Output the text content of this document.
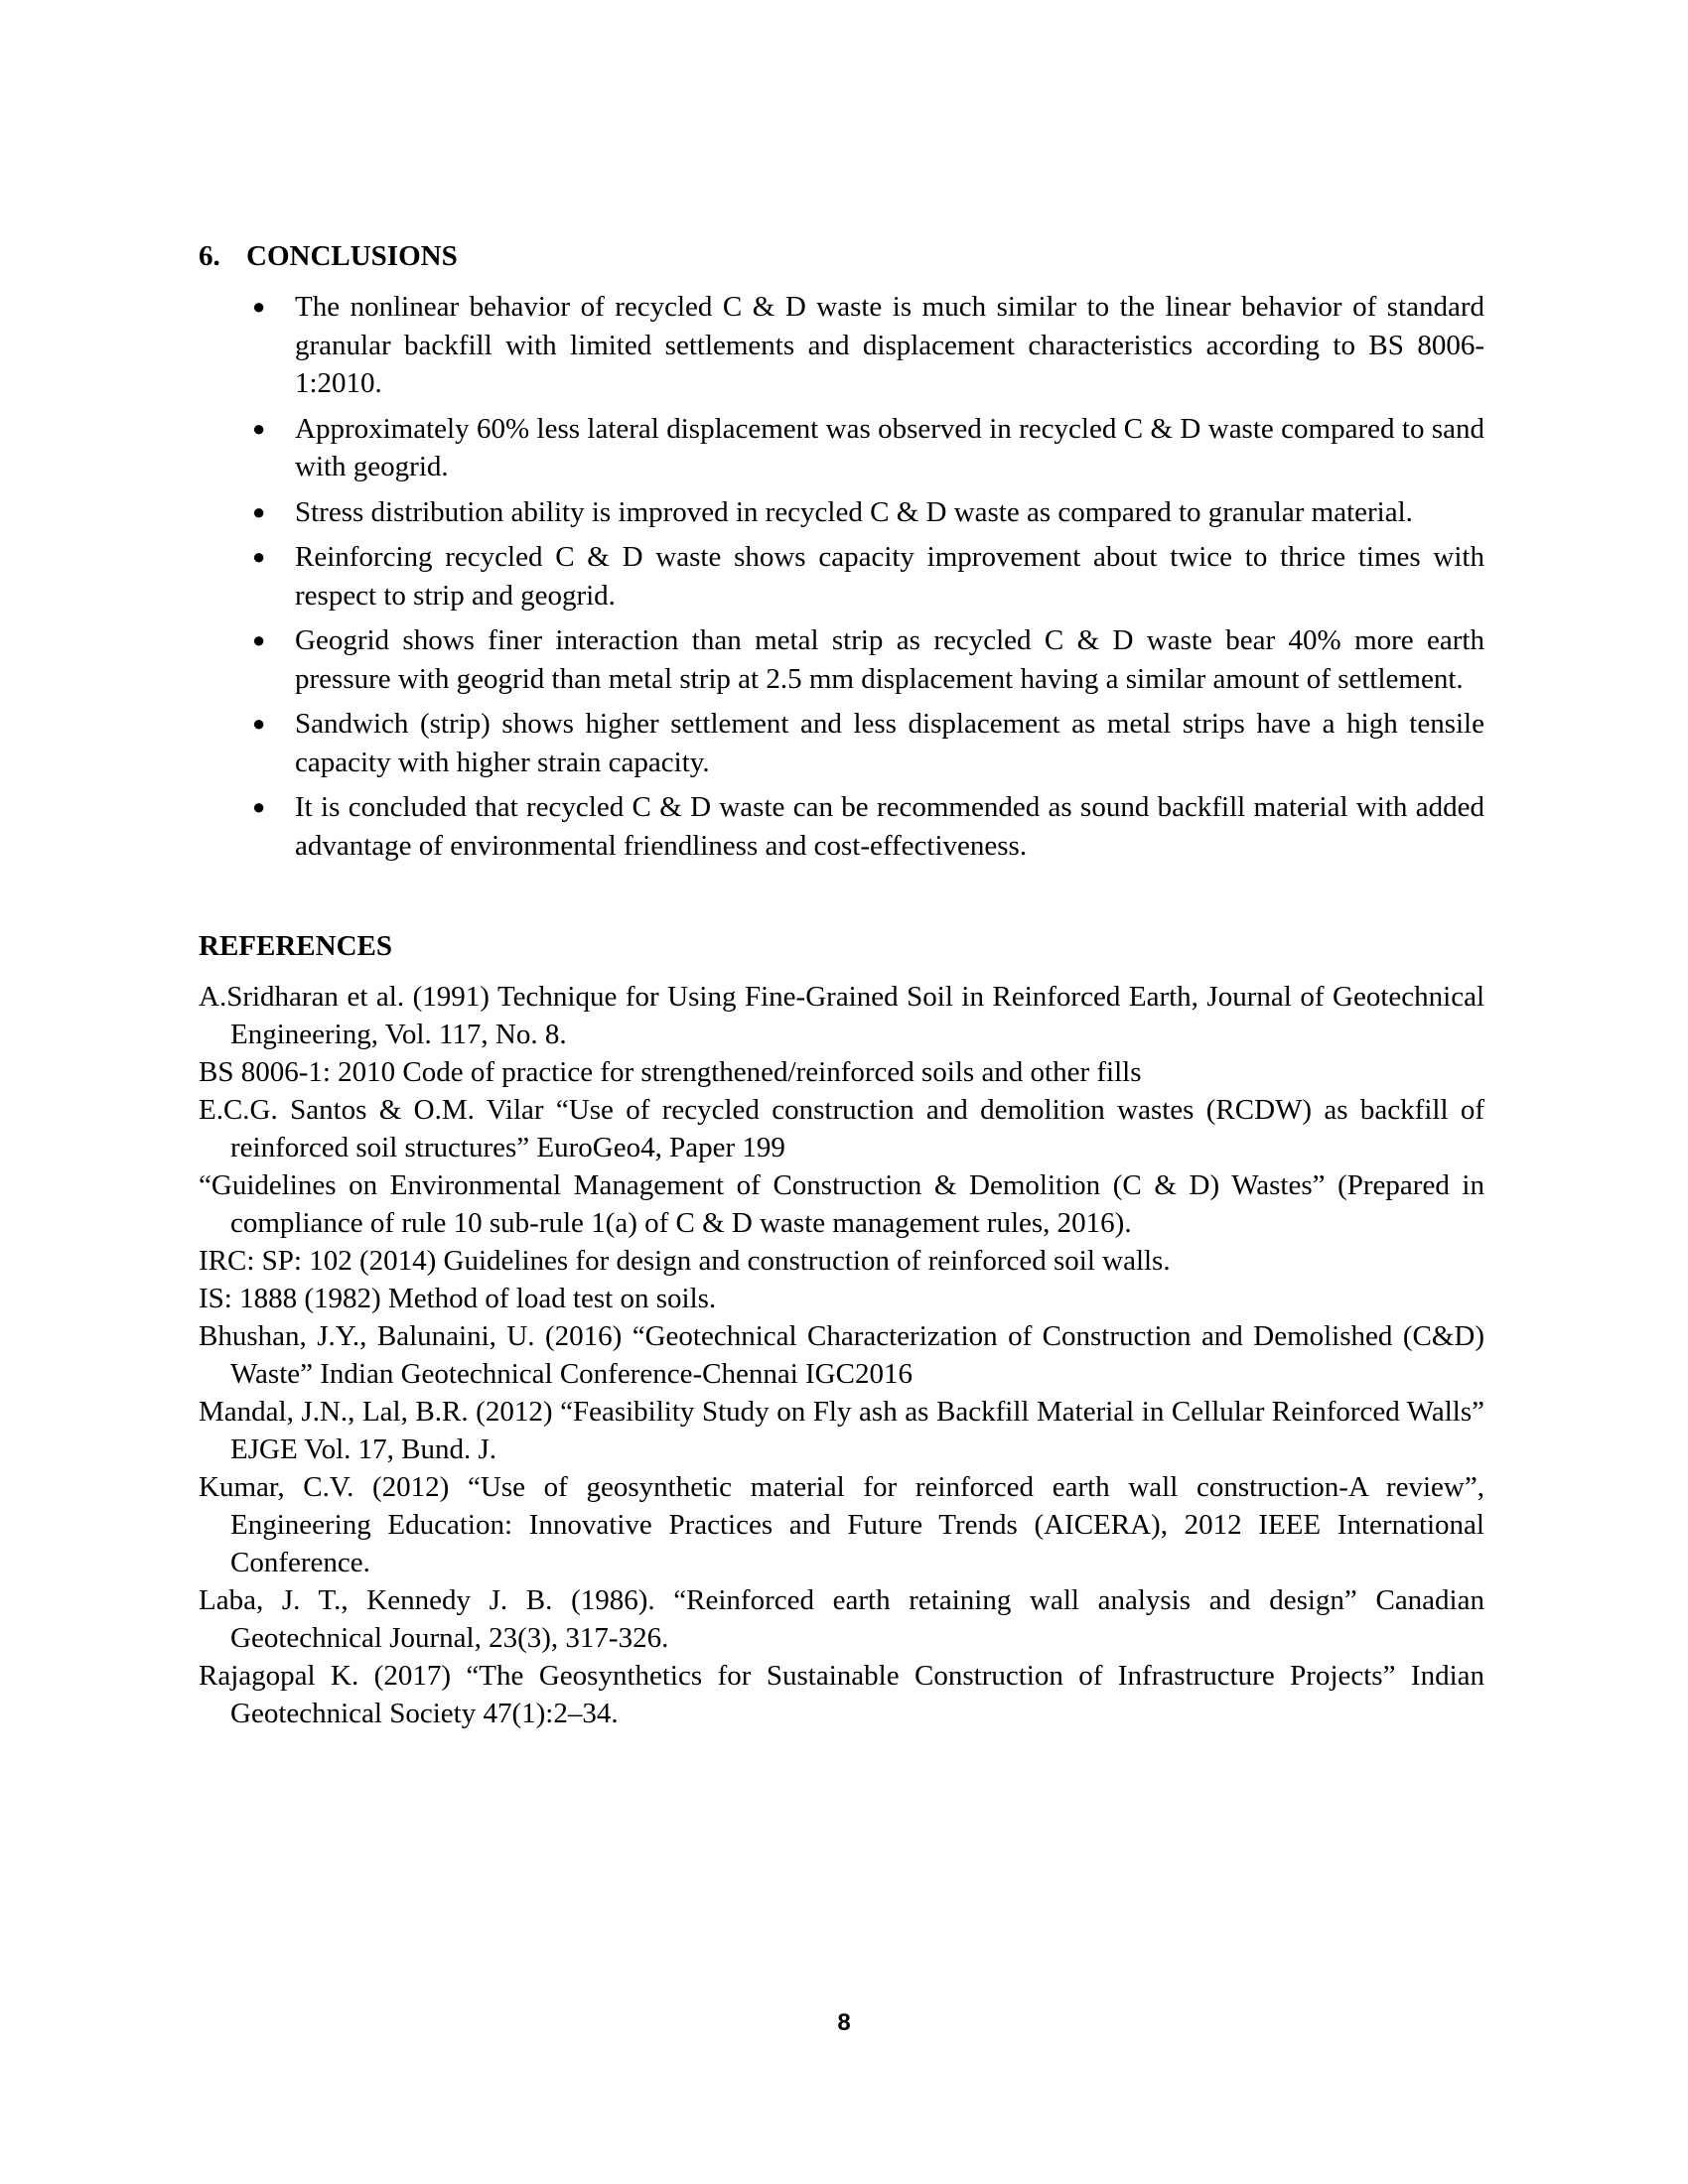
6. CONCLUSIONS
● The nonlinear behavior of recycled C & D waste is much similar to the linear behavior of standard granular backfill with limited settlements and displacement characteristics according to BS 8006-1:2010.
● Approximately 60% less lateral displacement was observed in recycled C & D waste compared to sand with geogrid.
● Stress distribution ability is improved in recycled C & D waste as compared to granular material.
● Reinforcing recycled C & D waste shows capacity improvement about twice to thrice times with respect to strip and geogrid.
● Geogrid shows finer interaction than metal strip as recycled C & D waste bear 40% more earth pressure with geogrid than metal strip at 2.5 mm displacement having a similar amount of settlement.
● Sandwich (strip) shows higher settlement and less displacement as metal strips have a high tensile capacity with higher strain capacity.
● It is concluded that recycled C & D waste can be recommended as sound backfill material with added advantage of environmental friendliness and cost-effectiveness.
REFERENCES
A.Sridharan et al. (1991) Technique for Using Fine-Grained Soil in Reinforced Earth, Journal of Geotechnical Engineering, Vol. 117, No. 8.
BS 8006-1: 2010 Code of practice for strengthened/reinforced soils and other fills
E.C.G. Santos & O.M. Vilar “Use of recycled construction and demolition wastes (RCDW) as backfill of reinforced soil structures” EuroGeo4, Paper 199
“Guidelines on Environmental Management of Construction & Demolition (C & D) Wastes” (Prepared in compliance of rule 10 sub-rule 1(a) of C & D waste management rules, 2016).
IRC: SP: 102 (2014) Guidelines for design and construction of reinforced soil walls.
IS: 1888 (1982) Method of load test on soils.
Bhushan, J.Y., Balunaini, U. (2016) “Geotechnical Characterization of Construction and Demolished (C&D) Waste” Indian Geotechnical Conference-Chennai IGC2016
Mandal, J.N., Lal, B.R. (2012) “Feasibility Study on Fly ash as Backfill Material in Cellular Reinforced Walls” EJGE Vol. 17, Bund. J.
Kumar, C.V. (2012) “Use of geosynthetic material for reinforced earth wall construction-A review”, Engineering Education: Innovative Practices and Future Trends (AICERA), 2012 IEEE International Conference.
Laba, J. T., Kennedy J. B. (1986). “Reinforced earth retaining wall analysis and design” Canadian Geotechnical Journal, 23(3), 317-326.
Rajagopal K. (2017) “The Geosynthetics for Sustainable Construction of Infrastructure Projects” Indian Geotechnical Society 47(1):2–34.
8
